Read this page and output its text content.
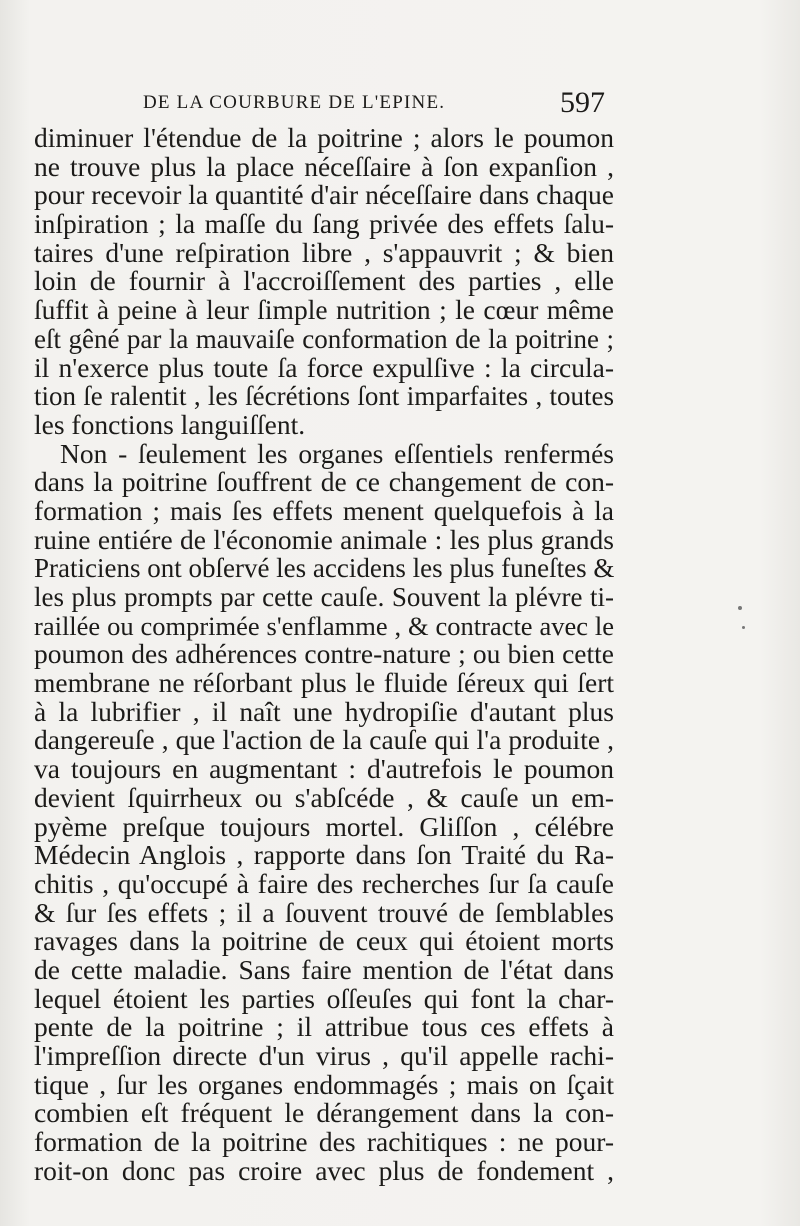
DE LA COURBURE DE L'EPINE.	597
diminuer l'étendue de la poitrine ; alors le poumon
ne trouve plus la place néceſſaire à ſon expanſion ,
pour recevoir la quantité d'air néceſſaire dans chaque
inſpiration ; la maſſe du ſang privée des effets ſalu-
taires d'une reſpiration libre , s'appauvrit ; & bien
loin de fournir à l'accroiſſement des parties , elle
ſuffit à peine à leur ſimple nutrition ; le cœur même
eſt gêné par la mauvaiſe conformation de la poitrine ;
il n'exerce plus toute ſa force expulſive : la circula-
tion ſe ralentit , les ſécrétions ſont imparfaites , toutes
les fonctions languiſſent.
Non - ſeulement les organes eſſentiels renfermés
dans la poitrine ſouffrent de ce changement de con-
formation ; mais ſes effets menent quelquefois à la
ruine entiére de l'économie animale : les plus grands
Praticiens ont obſervé les accidens les plus funeſtes &
les plus prompts par cette cauſe. Souvent la plévre ti-
raillée ou comprimée s'enflamme , & contracte avec le
poumon des adhérences contre-nature ; ou bien cette
membrane ne réſorbant plus le fluide ſéreux qui ſert
à la lubrifier , il naît une hydropiſie d'autant plus
dangereuſe , que l'action de la cauſe qui l'a produite ,
va toujours en augmentant : d'autrefois le poumon
devient ſquirrheux ou s'abſcéde , & cauſe un em-
pyème preſque toujours mortel. Gliſſon , célébre
Médecin Anglois , rapporte dans ſon Traité du Ra-
chitis , qu'occupé à faire des recherches ſur ſa cauſe
& ſur ſes effets ; il a ſouvent trouvé de ſemblables
ravages dans la poitrine de ceux qui étoient morts
de cette maladie. Sans faire mention de l'état dans
lequel étoient les parties oſſeuſes qui font la char-
pente de la poitrine ; il attribue tous ces effets à
l'impreſſion directe d'un virus , qu'il appelle rachi-
tique , ſur les organes endommagés ; mais on ſçait
combien eſt fréquent le dérangement dans la con-
formation de la poitrine des rachitiques : ne pour-
roit-on donc pas croire avec plus de fondement ,
